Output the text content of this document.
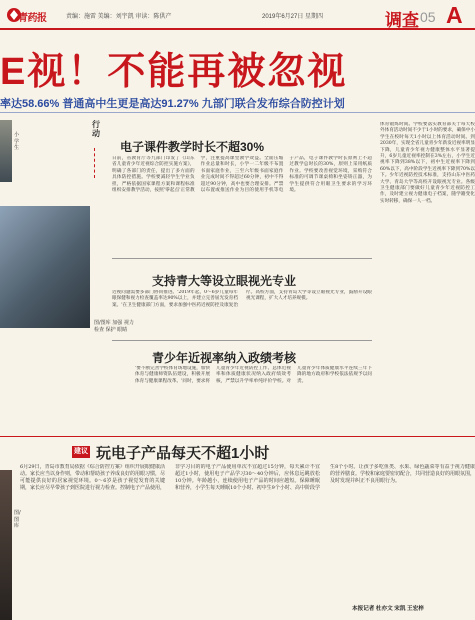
青药报	责编：施雷 美编：刘宇凯 审读：陈供产	2019年6月27日 星期四	调查 05 A
E视！不能再被忽视
率达58.66% 普通高中生更是高达91.27% 九部门联合发布综合防控计划
小学生
图/图库 加强 视力 检查 保护 眼睛
图/图库
行动
电子课件教学时长不超30%
日前，省教育厅等九部门印发了《山东省儿童青少年近视综合防控实施方案》，明确了各部门的责任，提出了多方面的具体防控措施。学校要减轻学生学业负担，严格依据国家课程方案和课程标准组织安排教学活动，按照'零起点'正常教学，注重提高课堂教学效益。全面压缩作业总量和时长，小学一二年级不布置书面家庭作业，三至六年级书面家庭作业完成时间不得超过60分钟，初中不得超过90分钟，高中也要合理安排。严禁以布置或推送作业为目的使用手机等电子产品，电子课件教学时长原则上不超过教学总时长的30%，原则上采用纸质作业。学校要改善视觉环境，采购符合标准的可调节课桌椅和坐姿矫正器，为学生提供符合用眼卫生要求的学习环境。
体育锻炼时间。学校要落实教育部关于每天校外体育活动时间不少于1小时的要求，确保中小学生在校时每天1小时以上体育活动时间。到2030年，实现全省儿童青少年新发近视率明显下降，儿童青少年视力健康整体水平显著提升，6岁儿童近视率控制在3%左右，小学生近视率下降到38%以下，初中生近视率下降到60%以下，高中阶段学生近视率下降到70%以下。少年近视防控技术标准，支持山东中医药大学、青岛大学等高校开设眼视光专业。各级卫生健康部门要做好儿童青少年近视防控工作，及时建立视力健康电子档案，随学籍变化实时转移，确保一人一档。
支持青大等设立眼视光专业
近视问题需要多部门协同推进。'2019年起，0～6岁儿童每年眼保健和视力检查覆盖率达90%以上，并建立完善屈光发育档案。'在卫生健康部门方面，要求加强中医药近视防控及康复治疗。高校方面，支持青岛大学等设立眼视光专业，鼓励开设眼视光课程，扩大人才培养规模。
青少年近视率纳入政绩考核
'要不断完善学校体育场地设施，加快体育与健康师资队伍建设，积极开展体育与健康课程改革。'同时，要求将儿童青少年近视防控工作、总体近视率和体质健康状况纳入政府绩效考核，严禁以升学率单纯评价学校。对儿童青少年体质健康水平连续三年下降的地方政府和学校依法依规予以问责。
建议 玩电子产品每天不超1小时
6月29日，青岛市教育局依据《综合防控方案》组织开展眼健康活动。家长应当以身作则，带动和帮助孩子养成良好的用眼习惯，尽可能提供良好的居家视觉环境。0～6岁是孩子视觉发育的关键期，家长应尽早带孩子到医院进行视力检查。控制电子产品使用，非学习目的的电子产品使用单次不宜超过15分钟，每天累计不宜超过1小时，使用电子产品学习30～40分钟后，应休息远眺放松10分钟。年龄越小，连续使用电子产品的时间应越短。保障睡眠和营养，小学生每天睡眠10个小时、初中生9个小时、高中阶段学生8个小时。让孩子多吃鱼类、水果、绿色蔬菜等有益于视力健康的营养膳食。学校和家庭要密切配合，共同营造良好的用眼氛围，及时发现并纠正不良用眼行为。
本报记者 杜亦文 宋凯 王宏梓
